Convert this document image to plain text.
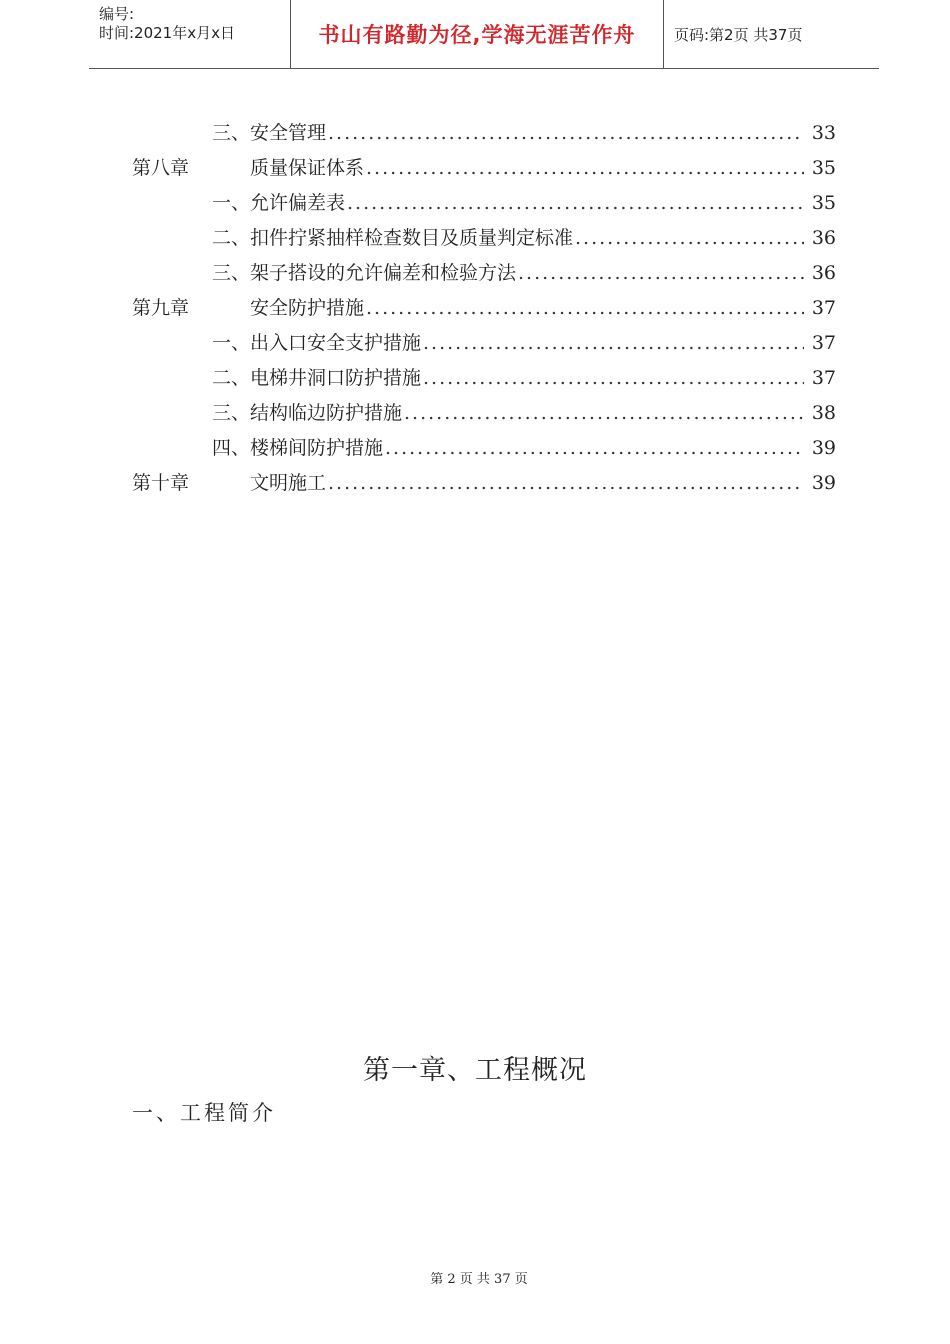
编号:
时间:2021年x月x日	书山有路勤为径,学海无涯苦作舟	页码:第2页 共37页
三、安全管理 .....	33
第八章	质量保证体系 .....	35
一、允许偏差表 .....	35
二、扣件拧紧抽样检查数目及质量判定标准 .....	36
三、架子搭设的允许偏差和检验方法 .....	36
第九章	安全防护措施 .....	37
一、出入口安全支护措施 .....	37
二、电梯井洞口防护措施 .....	37
三、结构临边防护措施 .....	38
四、楼梯间防护措施 .....	39
第十章	文明施工 .....	39
第一章、工程概况
一、工程简介
第 2 页 共 37 页
